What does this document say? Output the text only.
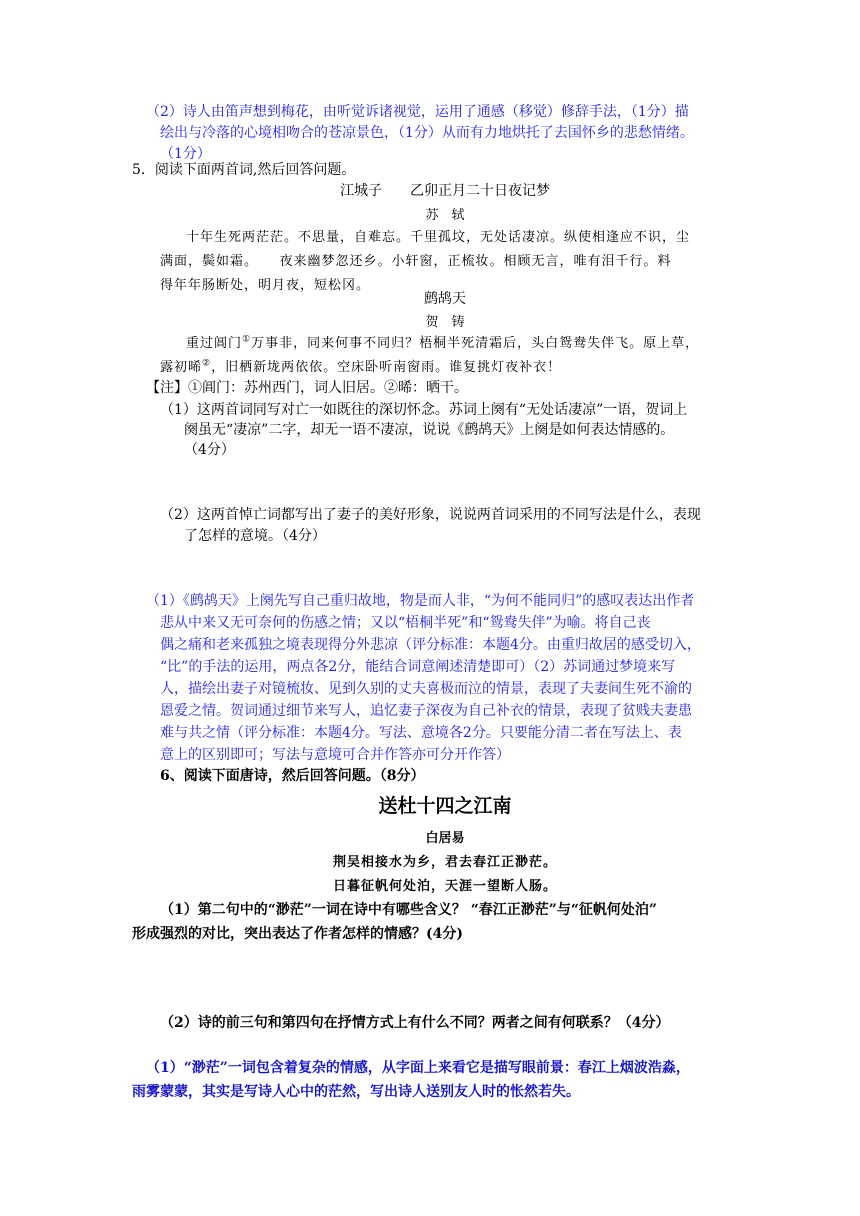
（2）诗人由笛声想到梅花，由听觉诉诸视觉，运用了通感（移觉）修辞手法，（1分）描
绘出与冷落的心境相吻合的苍凉景色，（1分）从而有力地烘托了去国怀乡的悲愁情绪。
（1分）
5．阅读下面两首词,然后回答问题。
江城子　　乙卯正月二十日夜记梦
苏　轼
十年生死两茫茫。不思量，自难忘。千里孤坟，无处话凄凉。纵使相逢应不识，尘
满面，鬓如霜。　　夜来幽梦忽还乡。小轩窗，正梳妆。相顾无言，唯有泪千行。料
得年年肠断处，明月夜，短松冈。
鹧鸪天
贺　铸
重过阊门①万事非，同来何事不同归？梧桐半死清霜后，头白鸳鸯失伴飞。原上草，
露初晞②，旧栖新垅两依依。空床卧听南窗雨。谁复挑灯夜补衣！
【注】①阊门：苏州西门，词人旧居。②晞：晒干。
（1）这两首词同写对亡一如既往的深切怀念。苏词上阕有“无处话凄凉”一语，贺词上
阕虽无“凄凉”二字，却无一语不凄凉，说说《鹧鸪天》上阕是如何表达情感的。
（4分）
（2）这两首悼亡词都写出了妻子的美好形象，说说两首词采用的不同写法是什么，表现
了怎样的意境。（4分）
（1）《鹧鸪天》上阕先写自己重归故地，物是而人非，“为何不能同归”的感叹表达出作者
悲从中来又无可奈何的伤感之情；又以“梧桐半死”和“鸳鸯失伴”为喻。将自己丧
偶之痛和老来孤独之境表现得分外悲凉（评分标准：本题4分。由重归故居的感受切入，
“比”的手法的运用，两点各2分，能结合词意阐述清楚即可）（2）苏词通过梦境来写
人，描绘出妻子对镜梳妆、见到久别的丈夫喜极而泣的情景，表现了夫妻间生死不渝的
恩爱之情。贺词通过细节来写人，追忆妻子深夜为自己补衣的情景，表现了贫贱夫妻患
难与共之情（评分标准：本题4分。写法、意境各2分。只要能分清二者在写法上、表
意上的区别即可；写法与意境可合并作答亦可分开作答）
6、阅读下面唐诗，然后回答问题。（8分）
送杜十四之江南
白居易
荆吴相接水为乡，君去春江正渺茫。
日暮征帆何处泊，天涯一望断人肠。
（1）第二句中的“渺茫”一词在诗中有哪些含义？ “春江正渺茫”与“征帆何处泊”
形成强烈的对比，突出表达了作者怎样的情感？(4分)
（2）诗的前三句和第四句在抒情方式上有什么不同？两者之间有何联系？（4分）
（1）“渺茫”一词包含着复杂的情感，从字面上来看它是描写眼前景：春江上烟波浩淼，
雨雾蒙蒙，其实是写诗人心中的茫然，写出诗人送别友人时的怅然若失。
